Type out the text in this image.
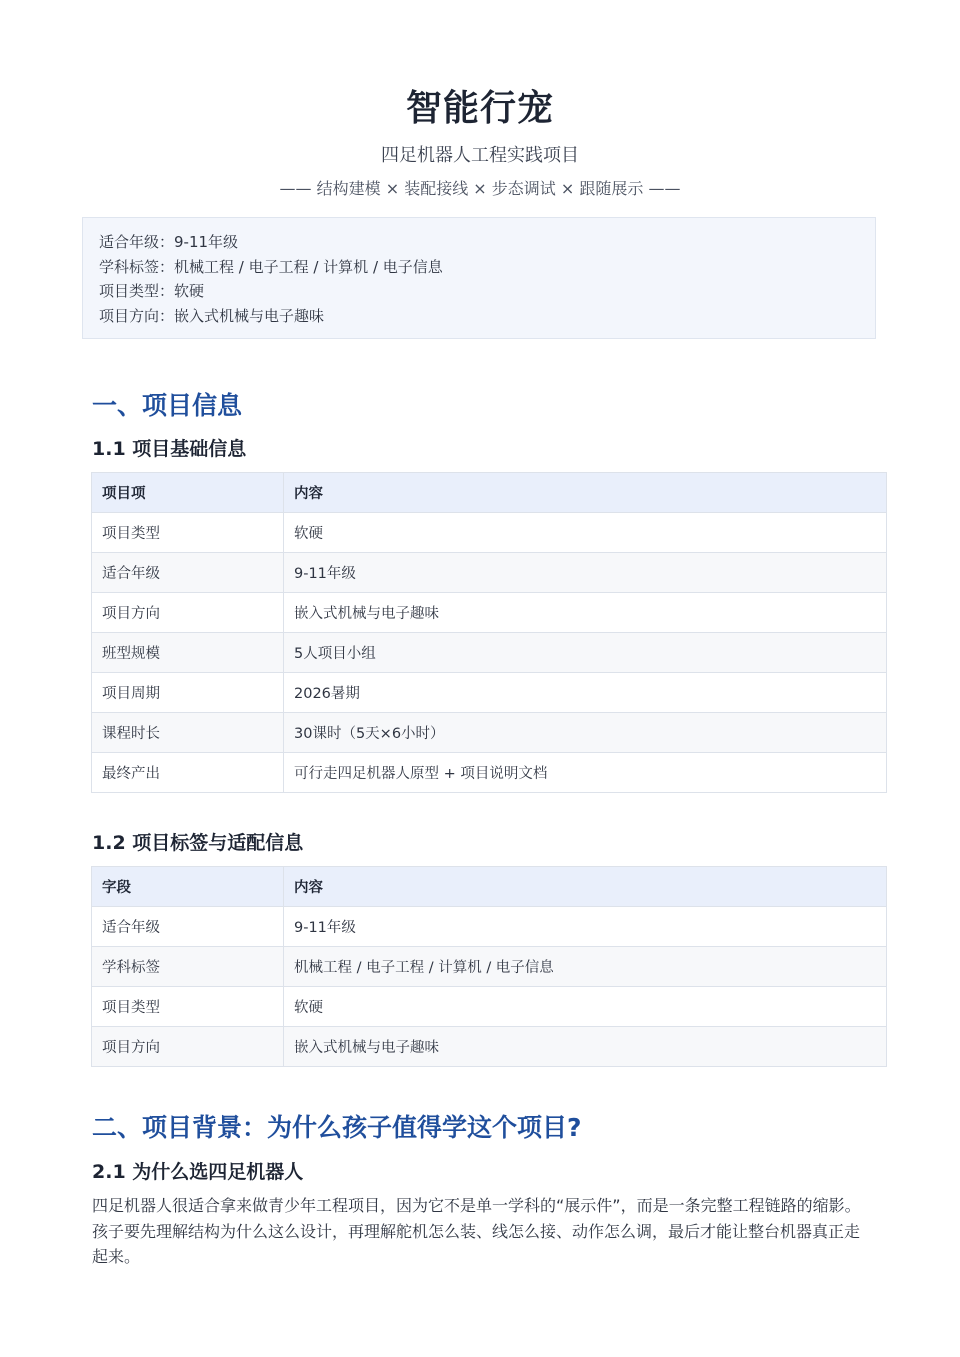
智能行宠
四足机器人工程实践项目
—— 结构建模 × 装配接线 × 步态调试 × 跟随展示 ——
适合年级：9-11年级
学科标签：机械工程 / 电子工程 / 计算机 / 电子信息
项目类型：软硬
项目方向：嵌入式机械与电子趣味
一、项目信息
1.1 项目基础信息
项目项	内容
项目类型	软硬
适合年级	9-11年级
项目方向	嵌入式机械与电子趣味
班型规模	5人项目小组
项目周期	2026暑期
课程时长	30课时（5天×6小时）
最终产出	可行走四足机器人原型 + 项目说明文档
1.2 项目标签与适配信息
字段	内容
适合年级	9-11年级
学科标签	机械工程 / 电子工程 / 计算机 / 电子信息
项目类型	软硬
项目方向	嵌入式机械与电子趣味
二、项目背景：为什么孩子值得学这个项目?
2.1 为什么选四足机器人
四足机器人很适合拿来做青少年工程项目，因为它不是单一学科的“展示件”，而是一条完整工程链路的缩影。孩子要先理解结构为什么这么设计，再理解舵机怎么装、线怎么接、动作怎么调，最后才能让整台机器真正走起来。
